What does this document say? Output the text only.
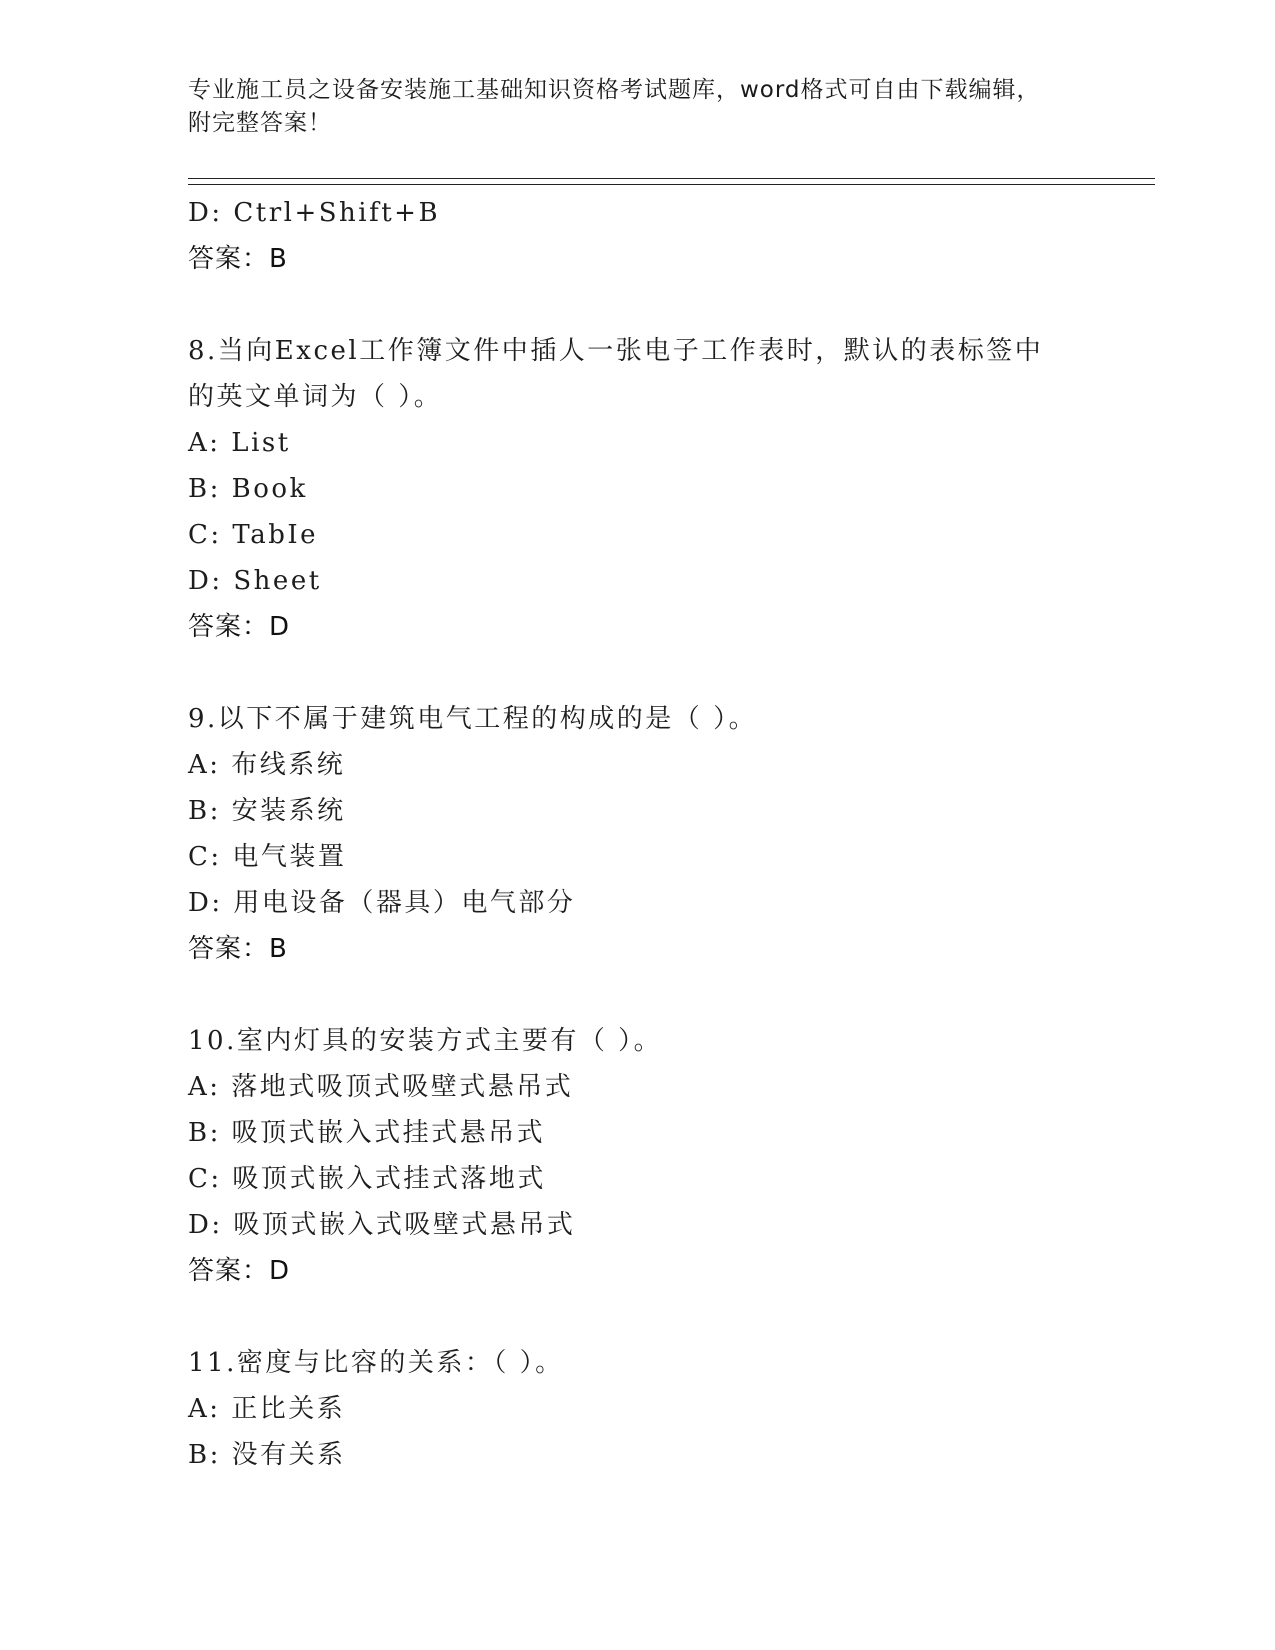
专业施工员之设备安装施工基础知识资格考试题库，word格式可自由下载编辑，
附完整答案！
D: Ctrl+Shift+B
答案：B
8.当向Excel工作簿文件中插人一张电子工作表时，默认的表标签中
的英文单词为（ ）。
A: List
B: Book
C: TabIe
D: Sheet
答案：D
9.以下不属于建筑电气工程的构成的是（ ）。
A: 布线系统
B: 安装系统
C: 电气装置
D: 用电设备（器具）电气部分
答案：B
10.室内灯具的安装方式主要有（ ）。
A: 落地式吸顶式吸壁式悬吊式
B: 吸顶式嵌入式挂式悬吊式
C: 吸顶式嵌入式挂式落地式
D: 吸顶式嵌入式吸壁式悬吊式
答案：D
11.密度与比容的关系：（ ）。
A: 正比关系
B: 没有关系
